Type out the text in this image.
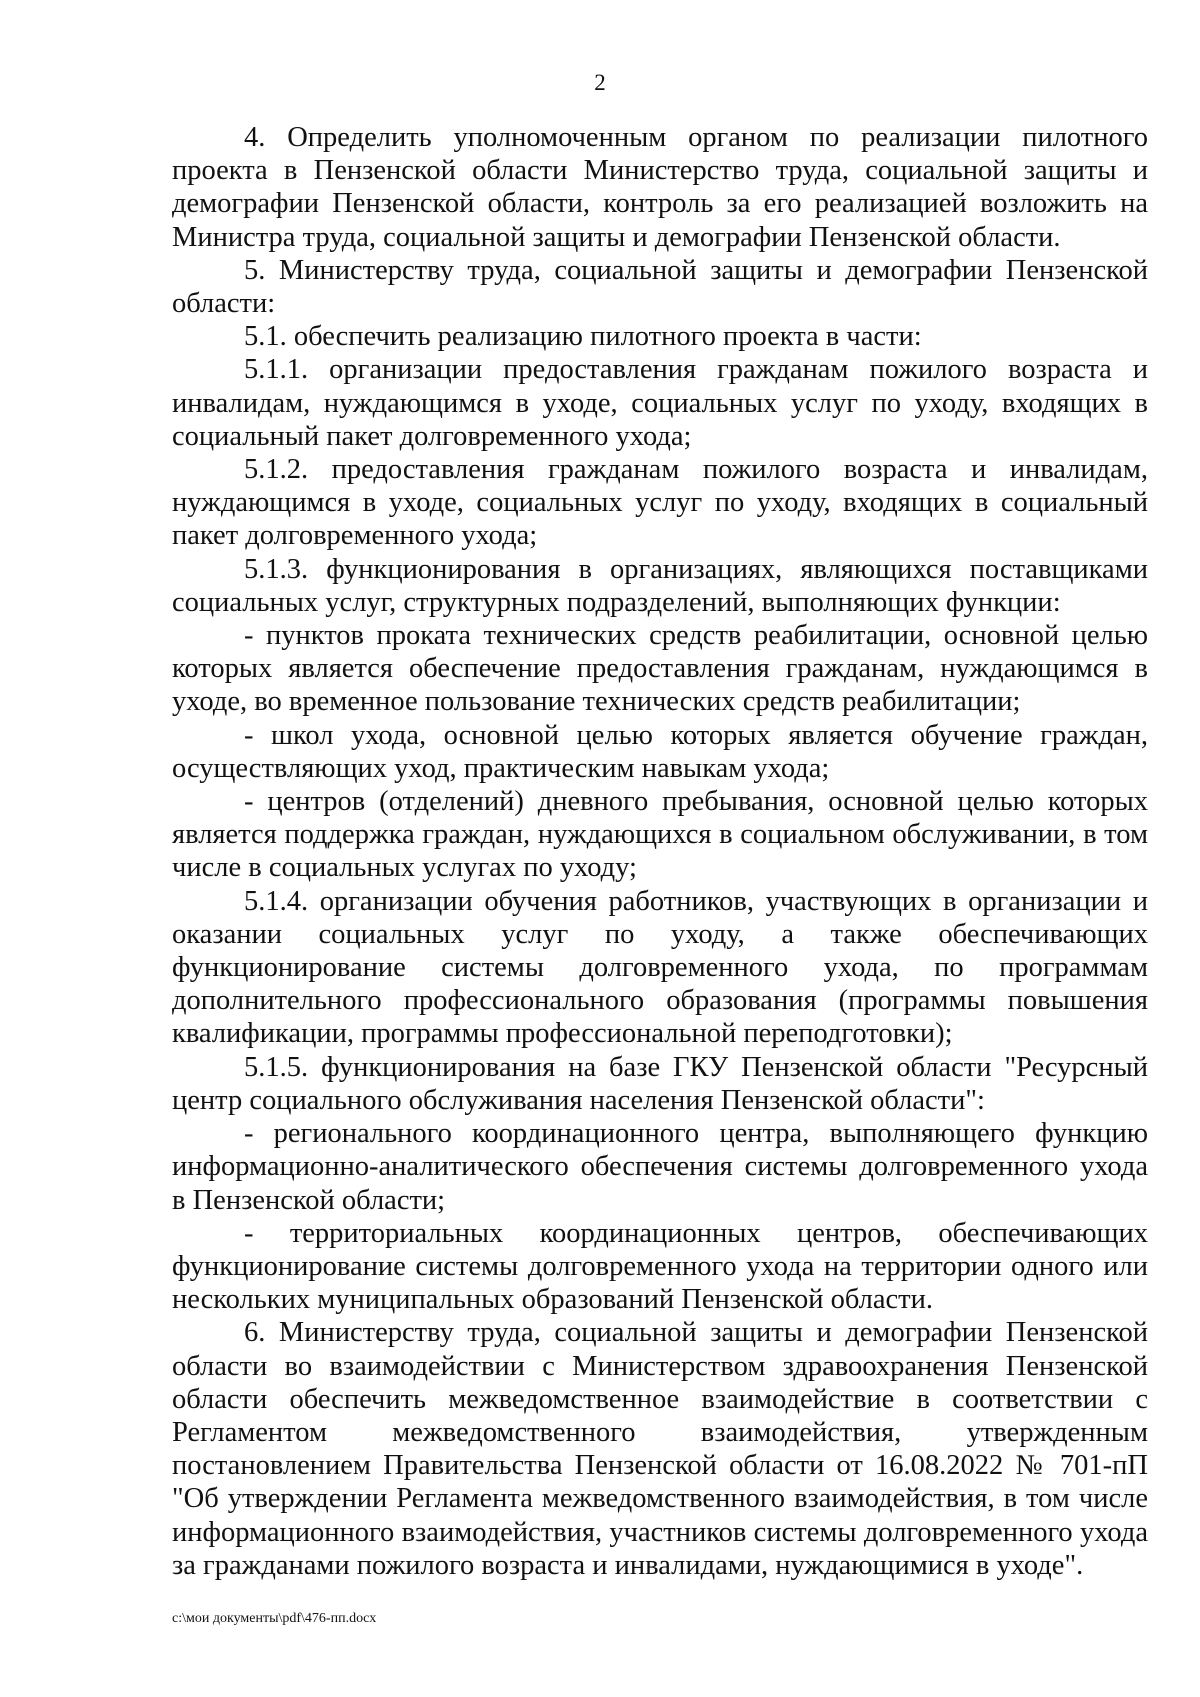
2

4. Определить уполномоченным органом по реализации пилотного проекта в Пензенской области Министерство труда, социальной защиты и демографии Пензенской области, контроль за его реализацией возложить на Министра труда, социальной защиты и демографии Пензенской области.

5. Министерству труда, социальной защиты и демографии Пензенской области:

5.1. обеспечить реализацию пилотного проекта в части:

5.1.1. организации предоставления гражданам пожилого возраста и инвалидам, нуждающимся в уходе, социальных услуг по уходу, входящих в социальный пакет долговременного ухода;

5.1.2. предоставления гражданам пожилого возраста и инвалидам, нуждающимся в уходе, социальных услуг по уходу, входящих в социальный пакет долговременного ухода;

5.1.3. функционирования в организациях, являющихся поставщиками социальных услуг, структурных подразделений, выполняющих функции:

- пунктов проката технических средств реабилитации, основной целью которых является обеспечение предоставления гражданам, нуждающимся в уходе, во временное пользование технических средств реабилитации;

- школ ухода, основной целью которых является обучение граждан, осуществляющих уход, практическим навыкам ухода;

- центров (отделений) дневного пребывания, основной целью которых является поддержка граждан, нуждающихся в социальном обслуживании, в том числе в социальных услугах по уходу;

5.1.4. организации обучения работников, участвующих в организации и оказании социальных услуг по уходу, а также обеспечивающих функционирование системы долговременного ухода, по программам дополнительного профессионального образования (программы повышения квалификации, программы профессиональной переподготовки);

5.1.5. функционирования на базе ГКУ Пензенской области "Ресурсный центр социального обслуживания населения Пензенской области":

- регионального координационного центра, выполняющего функцию информационно-аналитического обеспечения системы долговременного ухода в Пензенской области;

- территориальных координационных центров, обеспечивающих функционирование системы долговременного ухода на территории одного или нескольких муниципальных образований Пензенской области.

6. Министерству труда, социальной защиты и демографии Пензенской области во взаимодействии с Министерством здравоохранения Пензенской области обеспечить межведомственное взаимодействие в соответствии с Регламентом межведомственного взаимодействия, утвержденным постановлением Правительства Пензенской области от 16.08.2022 № 701-пП "Об утверждении Регламента межведомственного взаимодействия, в том числе информационного взаимодействия, участников системы долговременного ухода за гражданами пожилого возраста и инвалидами, нуждающимися в уходе".

c:\мои документы\pdf\476-пп.docx
